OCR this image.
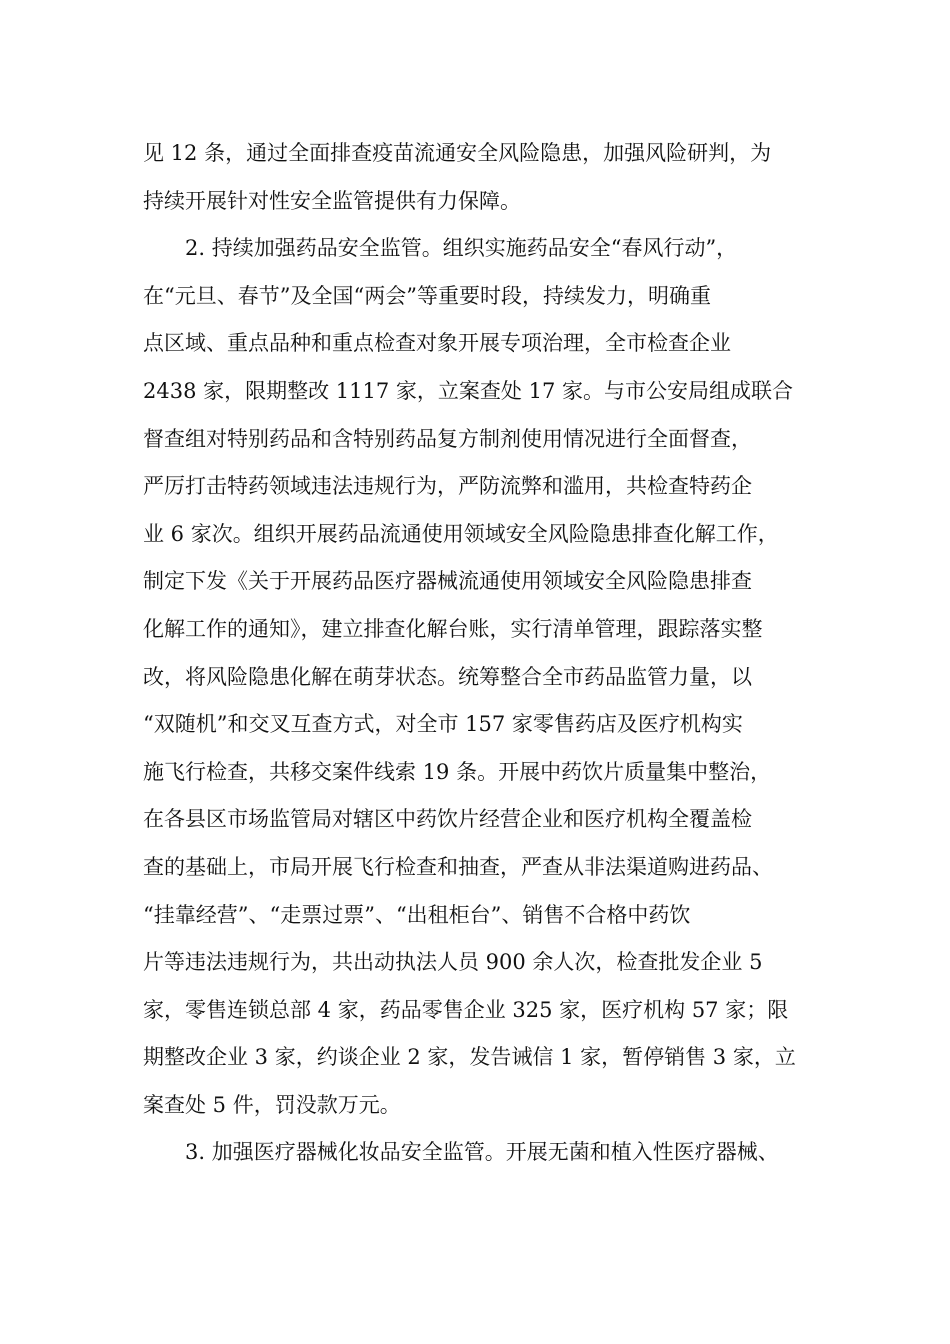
见 12 条，通过全面排查疫苗流通安全风险隐患，加强风险研判，为
持续开展针对性安全监管提供有力保障。
2. 持续加强药品安全监管。组织实施药品安全“春风行动”，
在“元旦、春节”及全国“两会”等重要时段，持续发力，明确重
点区域、重点品种和重点检查对象开展专项治理，全市检查企业
2438 家，限期整改 1117 家，立案查处 17 家。与市公安局组成联合
督查组对特别药品和含特别药品复方制剂使用情况进行全面督查，
严厉打击特药领域违法违规行为，严防流弊和滥用，共检查特药企
业 6 家次。组织开展药品流通使用领域安全风险隐患排查化解工作，
制定下发《关于开展药品医疗器械流通使用领域安全风险隐患排查
化解工作的通知》，建立排查化解台账，实行清单管理，跟踪落实整
改，将风险隐患化解在萌芽状态。统筹整合全市药品监管力量，以
“双随机”和交叉互查方式，对全市 157 家零售药店及医疗机构实
施飞行检查，共移交案件线索 19 条。开展中药饮片质量集中整治，
在各县区市场监管局对辖区中药饮片经营企业和医疗机构全覆盖检
查的基础上，市局开展飞行检查和抽查，严查从非法渠道购进药品、
“挂靠经营”、“走票过票”、“出租柜台”、销售不合格中药饮
片等违法违规行为，共出动执法人员 900 余人次，检查批发企业 5
家，零售连锁总部 4 家，药品零售企业 325 家，医疗机构 57 家；限
期整改企业 3 家，约谈企业 2 家，发告诫信 1 家，暂停销售 3 家，立
案查处 5 件，罚没款万元。
3. 加强医疗器械化妆品安全监管。开展无菌和植入性医疗器械、
